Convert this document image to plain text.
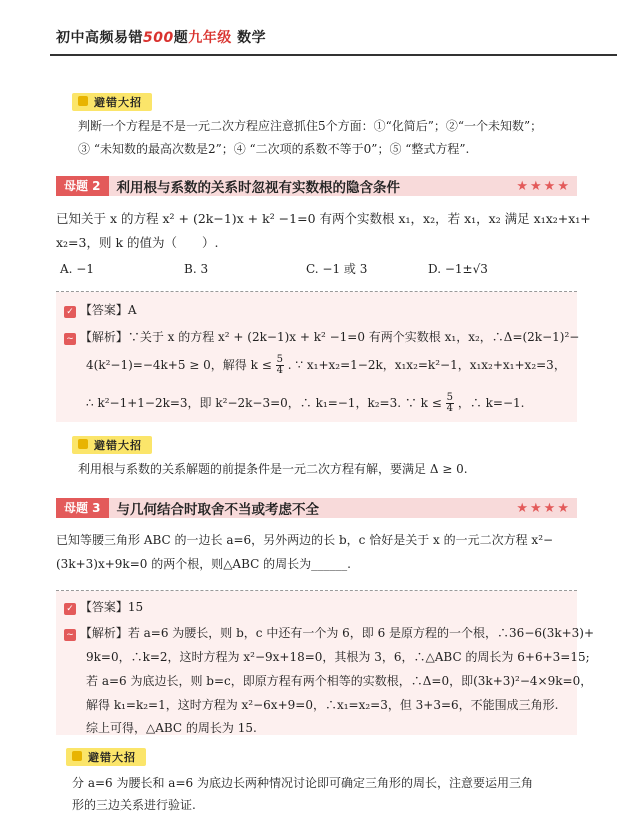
初中高频易错500题九年级 数学
避错大招
判断一个方程是不是一元二次方程应注意抓住5个方面：①“化简后”；②“一个未知数”；
③ “未知数的最高次数是2”；④ “二次项的系数不等于0”；⑤ “整式方程”.
母题 2	利用根与系数的关系时忽视有实数根的隐含条件	★★★★
已知关于 x 的方程 x² + (2k−1)x + k² −1=0 有两个实数根 x₁，x₂，若 x₁，x₂ 满足 x₁x₂+x₁+
x₂=3，则 k 的值为（　　）.
A. −1	B. 3	C. −1 或 3	D. −1±√3
✓ 【答案】A
~ 【解析】∵关于 x 的方程 x² + (2k−1)x + k² −1=0 有两个实数根 x₁，x₂，∴Δ=(2k−1)²−
4(k²−1)=−4k+5 ≥ 0，解得 $k \le \frac{5}{4}$ . ∵ x₁+x₂=1−2k，x₁x₂=k²−1，x₁x₂+x₁+x₂=3，
∴ k²−1+1−2k=3，即 k²−2k−3=0，∴ k₁=−1，k₂=3. ∵ $k \le \frac{5}{4}$ ，∴ k=−1.
避错大招
利用根与系数的关系解题的前提条件是一元二次方程有解，要满足 Δ ≥ 0.
母题 3	与几何结合时取舍不当或考虑不全	★★★★
已知等腰三角形 ABC 的一边长 a=6，另外两边的长 b，c 恰好是关于 x 的一元二次方程 x²−
(3k+3)x+9k=0 的两个根，则△ABC 的周长为______.
✓ 【答案】15
~ 【解析】若 a=6 为腰长，则 b，c 中还有一个为 6，即 6 是原方程的一个根，∴36−6(3k+3)+
9k=0，∴k=2，这时方程为 x²−9x+18=0，其根为 3，6，∴△ABC 的周长为 6+6+3=15;
若 a=6 为底边长，则 b=c，即原方程有两个相等的实数根，∴Δ=0，即(3k+3)²−4×9k=0，
解得 k₁=k₂=1，这时方程为 x²−6x+9=0，∴x₁=x₂=3，但 3+3=6，不能围成三角形.
综上可得，△ABC 的周长为 15.
避错大招
分 a=6 为腰长和 a=6 为底边长两种情况讨论即可确定三角形的周长，注意要运用三角
形的三边关系进行验证.
